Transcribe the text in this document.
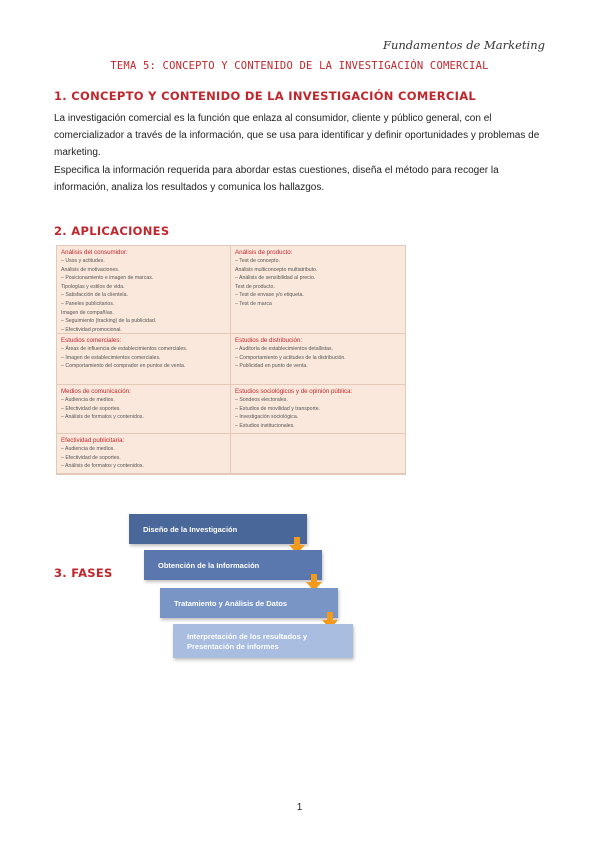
Fundamentos de Marketing
TEMA 5: CONCEPTO Y CONTENIDO DE LA INVESTIGACIÓN COMERCIAL
1. CONCEPTO Y CONTENIDO DE LA INVESTIGACIÓN COMERCIAL
La investigación comercial es la función que enlaza al consumidor, cliente y público general, con el comercializador a través de la información, que se usa para identificar y definir oportunidades y problemas de marketing.
Especifica la información requerida para abordar estas cuestiones, diseña el método para recoger la información, analiza los resultados y comunica los hallazgos.
2. APLICACIONES
Análisis del consumidor:
– Usos y actitudes.
Análisis de motivaciones.
– Posicionamiento e imagen de marcas.
Tipologías y estilos de vida.
– Satisfacción de la clientela.
– Paneles publicitarios.
Imagen de compañías.
– Seguimiento (tracking) de la publicidad.
– Efectividad promocional.
Análisis de producto:
– Test de concepto.
Análisis multiconcepto multiatributo.
– Análisis de sensibilidad al precio.
Test de producto.
– Test de envase y/o etiqueta.
– Test de marca
Estudios comerciales:
– Áreas de influencia de establecimientos comerciales.
– Imagen de establecimientos comerciales.
– Comportamiento del comprador en puntos de venta.
Estudios de distribución:
– Auditoría de establecimientos detallistas.
– Comportamiento y actitudes de la distribución.
– Publicidad en punto de venta.
Medios de comunicación:
– Audiencia de medios.
– Efectividad de soportes.
– Análisis de formatos y contenidos.
Estudios sociológicos y de opinión pública:
– Sondeos electorales.
– Estudios de movilidad y transporte.
– Investigación sociológica.
– Estudios institucionales.
Efectividad publicitaria:
– Audiencia de medios.
– Efectividad de soportes.
– Análisis de formatos y contenidos.
3. FASES
Diseño de la Investigación
Obtención de la Información
Tratamiento y Análisis de Datos
Interpretación de los resultados y Presentación de informes
1
